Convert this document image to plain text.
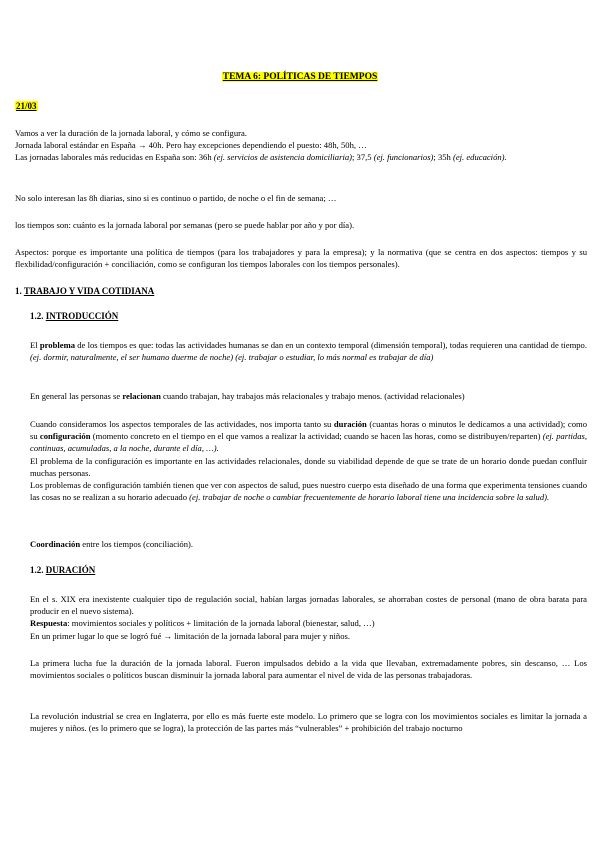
TEMA 6: POLÍTICAS DE TIEMPOS
21/03
Vamos a ver la duración de la jornada laboral, y cómo se configura.
Jornada laboral estándar en España → 40h. Pero hay excepciones dependiendo el puesto: 48h, 50h, …
Las jornadas laborales más reducidas en España son: 36h (ej. servicios de asistencia domiciliaria); 37,5 (ej. funcionarios); 35h (ej. educación).
No solo interesan las 8h diarias, sino si es continuo o partido, de noche o el fin de semana; …
los tiempos son: cuánto es la jornada laboral por semanas (pero se puede hablar por año y por día).
Aspectos: porque es importante una política de tiempos (para los trabajadores y para la empresa); y la normativa (que se centra en dos aspectos: tiempos y su flexbilidad/configuración + conciliación, como se configuran los tiempos laborales con los tiempos personales).
1. TRABAJO Y VIDA COTIDIANA
1.2. INTRODUCCIÓN
El problema de los tiempos es que: todas las actividades humanas se dan en un contexto temporal (dimensión temporal), todas requieren una cantidad de tiempo. (ej. dormir, naturalmente, el ser humano duerme de noche) (ej. trabajar o estudiar, lo más normal es trabajar de día)
En general las personas se relacionan cuando trabajan, hay trabajos más relacionales y trabajo menos. (actividad relacionales)
Cuando consideramos los aspectos temporales de las actividades, nos importa tanto su duración (cuantas horas o minutos le dedicamos a una actividad); como su configuración (momento concreto en el tiempo en el que vamos a realizar la actividad; cuando se hacen las horas, como se distribuyen/reparten) (ej. partidas, continuas, acumuladas, a la noche, durante el día, …).
El problema de la configuración es importante en las actividades relacionales, donde su viabilidad depende de que se trate de un horario donde puedan confluir muchas personas.
Los problemas de configuración también tienen que ver con aspectos de salud, pues nuestro cuerpo esta diseñado de una forma que experimenta tensiones cuando las cosas no se realizan a su horario adecuado (ej. trabajar de noche o cambiar frecuentemente de horario laboral tiene una incidencia sobre la salud).
Coordinación entre los tiempos (conciliación).
1.2. DURACIÓN
En el s. XIX era inexistente cualquier tipo de regulación social, habían largas jornadas laborales, se ahorraban costes de personal (mano de obra barata para producir en el nuevo sistema).
Respuesta: movimientos sociales y políticos + limitación de la jornada laboral (bienestar, salud, …)
En un primer lugar lo que se logró fué → limitación de la jornada laboral para mujer y niños.
La primera lucha fue la duración de la jornada laboral. Fueron impulsados debido a la vida que llevaban, extremadamente pobres, sin descanso, … Los movimientos sociales o políticos buscan disminuir la jornada laboral para aumentar el nivel de vida de las personas trabajadoras.
La revolución industrial se crea en Inglaterra, por ello es más fuerte este modelo. Lo primero que se logra con los movimientos sociales es limitar la jornada a mujeres y niños. (es lo primero que se logra), la protección de las partes más “vulnerables” + prohibición del trabajo nocturno
